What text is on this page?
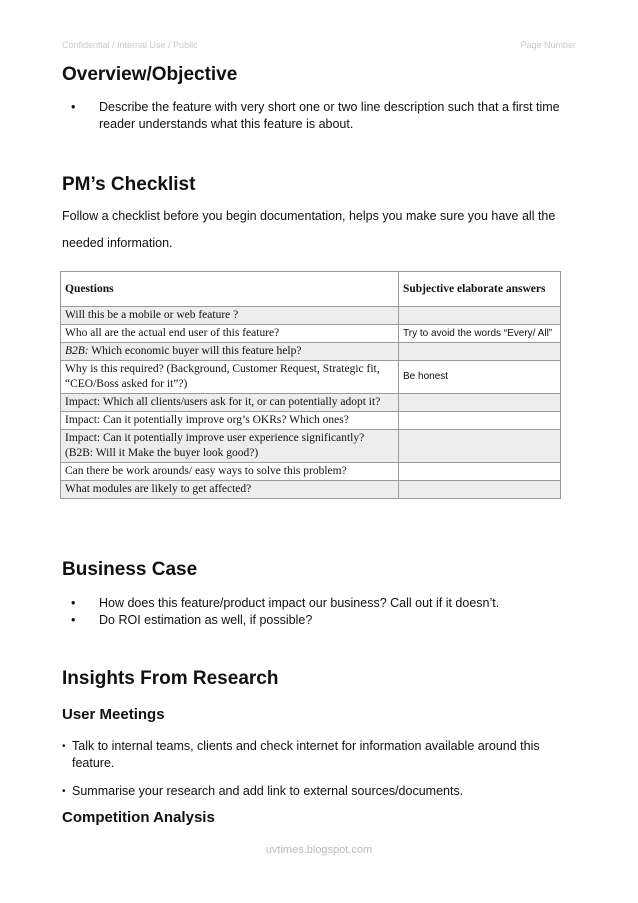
Confidential / Internal Use / Public	Page Number
Overview/Objective
• Describe the feature with very short one or two line description such that a first time reader understands what this feature is about.
PM’s Checklist

Follow a checklist before you begin documentation, helps you make sure you have all the needed information.

Questions	Subjective elaborate answers
Will this be a mobile or web feature ?	
Who all are the actual end user of this feature?	Try to avoid the words “Every/ All”
B2B: Which economic buyer will this feature help?	
Why is this required? (Background, Customer Request, Strategic fit, “CEO/Boss asked for it”?)	Be honest
Impact: Which all clients/users ask for it, or can potentially adopt it?	
Impact: Can it potentially improve org’s OKRs? Which ones?	
Impact: Can it potentially improve user experience significantly? (B2B: Will it Make the buyer look good?)	
Can there be work arounds/ easy ways to solve this problem?	
What modules are likely to get affected?	
Business Case
• How does this feature/product impact our business? Call out if it doesn’t.
• Do ROI estimation as well, if possible?
Insights From Research
User Meetings
• Talk to internal teams, clients and check internet for information available around this feature.
• Summarise your research and add link to external sources/documents.
Competition Analysis
uvtimes.blogspot.com
